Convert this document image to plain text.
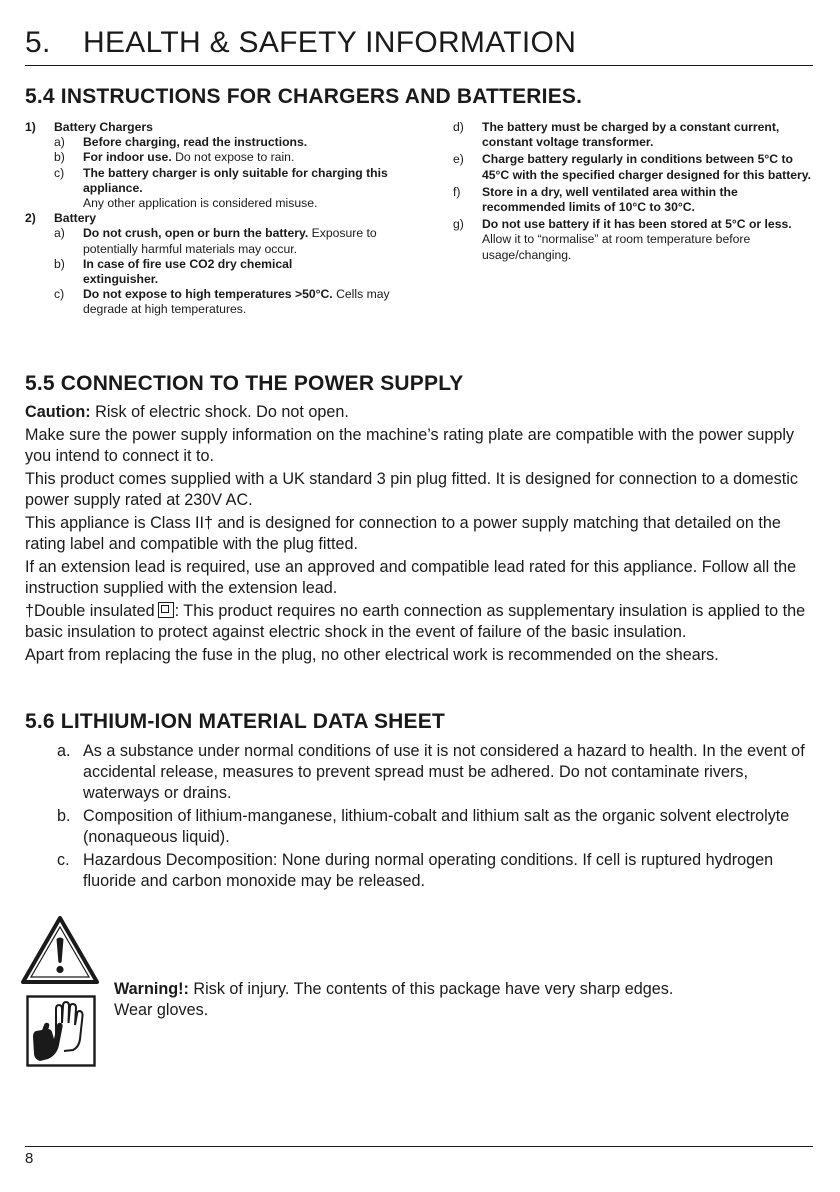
5. HEALTH & SAFETY INFORMATION
5.4 INSTRUCTIONS FOR CHARGERS AND BATTERIES.
1)	Battery Chargers
a)	Before charging, read the instructions.
b)	For indoor use. Do not expose to rain.
c)	The battery charger is only suitable for charging this appliance.
Any other application is considered misuse.
2)	Battery
a)	Do not crush, open or burn the battery. Exposure to potentially harmful materials may occur.
b)	In case of fire use CO2 dry chemical extinguisher.
c)	Do not expose to high temperatures >50°C. Cells may degrade at high temperatures.
d)	The battery must be charged by a constant current, constant voltage transformer.
e)	Charge battery regularly in conditions between 5°C to 45°C with the specified charger designed for this battery.
f)	Store in a dry, well ventilated area within the recommended limits of 10°C to 30°C.
g)	Do not use battery if it has been stored at 5°C or less. Allow it to “normalise” at room temperature before usage/changing.
5.5 CONNECTION TO THE POWER SUPPLY

Caution: Risk of electric shock. Do not open.

Make sure the power supply information on the machine’s rating plate are compatible with the power supply you intend to connect it to.

This product comes supplied with a UK standard 3 pin plug fitted. It is designed for connection to a domestic power supply rated at 230V AC.

This appliance is Class II† and is designed for connection to a power supply matching that detailed on the rating label and compatible with the plug fitted.

If an extension lead is required, use an approved and compatible lead rated for this appliance. Follow all the instruction supplied with the extension lead.

†Double insulated : This product requires no earth connection as supplementary insulation is applied to the basic insulation to protect against electric shock in the event of failure of the basic insulation.

Apart from replacing the fuse in the plug, no other electrical work is recommended on the shears.

5.6 LITHIUM-ION MATERIAL DATA SHEET
a. As a substance under normal conditions of use it is not considered a hazard to health. In the event of accidental release, measures to prevent spread must be adhered. Do not contaminate rivers, waterways or drains.
b. Composition of lithium-manganese, lithium-cobalt and lithium salt as the organic solvent electrolyte (nonaqueous liquid).
c. Hazardous Decomposition: None during normal operating conditions. If cell is ruptured hydrogen fluoride and carbon monoxide may be released.
Warning!: Risk of injury. The contents of this package have very sharp edges.
Wear gloves.
8
